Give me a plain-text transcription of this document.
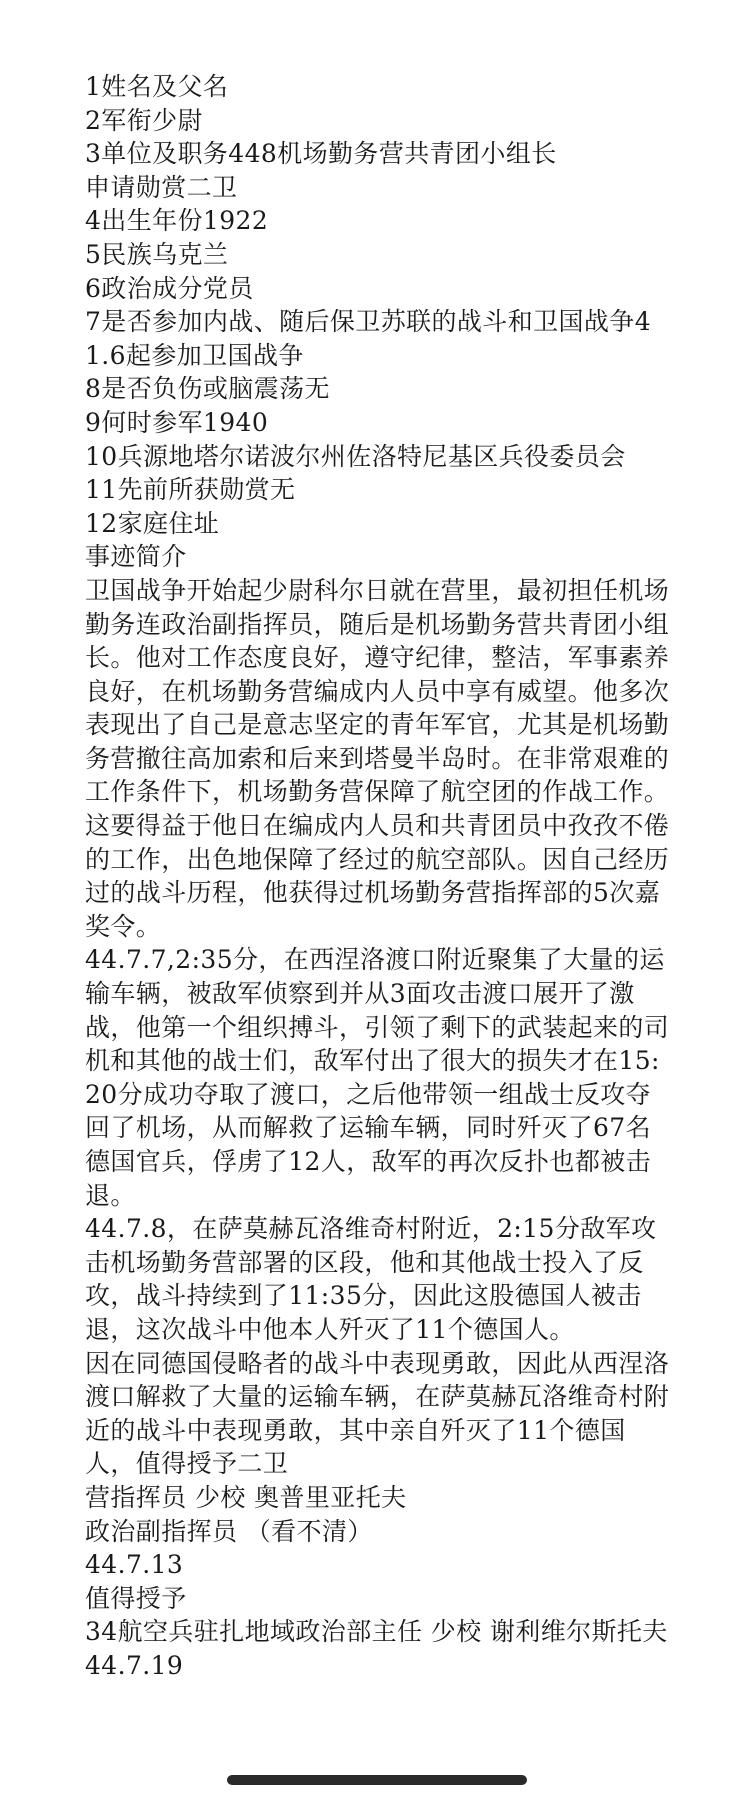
1姓名及父名

2军衔少尉

3单位及职务448机场勤务营共青团小组长

申请勋赏二卫

4出生年份1922

5民族乌克兰

6政治成分党员

7是否参加内战、随后保卫苏联的战斗和卫国战争41.6起参加卫国战争

8是否负伤或脑震荡无

9何时参军1940

10兵源地塔尔诺波尔州佐洛特尼基区兵役委员会

11先前所获勋赏无

12家庭住址

事迹简介

卫国战争开始起少尉科尔日就在营里，最初担任机场勤务连政治副指挥员，随后是机场勤务营共青团小组长。他对工作态度良好，遵守纪律，整洁，军事素养良好，在机场勤务营编成内人员中享有威望。他多次表现出了自己是意志坚定的青年军官，尤其是机场勤务营撤往高加索和后来到塔曼半岛时。在非常艰难的工作条件下，机场勤务营保障了航空团的作战工作。这要得益于他日在编成内人员和共青团员中孜孜不倦的工作，出色地保障了经过的航空部队。因自己经历过的战斗历程，他获得过机场勤务营指挥部的5次嘉奖令。

44.7.7,2:35分，在西涅洛渡口附近聚集了大量的运输车辆，被敌军侦察到并从3面攻击渡口展开了激战，他第一个组织搏斗，引领了剩下的武装起来的司机和其他的战士们，敌军付出了很大的损失才在15:20分成功夺取了渡口，之后他带领一组战士反攻夺回了机场，从而解救了运输车辆，同时歼灭了67名德国官兵，俘虏了12人，敌军的再次反扑也都被击退。

44.7.8，在萨莫赫瓦洛维奇村附近，2:15分敌军攻击机场勤务营部署的区段，他和其他战士投入了反攻，战斗持续到了11:35分，因此这股德国人被击退，这次战斗中他本人歼灭了11个德国人。

因在同德国侵略者的战斗中表现勇敢，因此从西涅洛渡口解救了大量的运输车辆，在萨莫赫瓦洛维奇村附近的战斗中表现勇敢，其中亲自歼灭了11个德国人，值得授予二卫

营指挥员 少校 奥普里亚托夫

政治副指挥员 （看不清）

44.7.13

值得授予

34航空兵驻扎地域政治部主任 少校 谢利维尔斯托夫

44.7.19
